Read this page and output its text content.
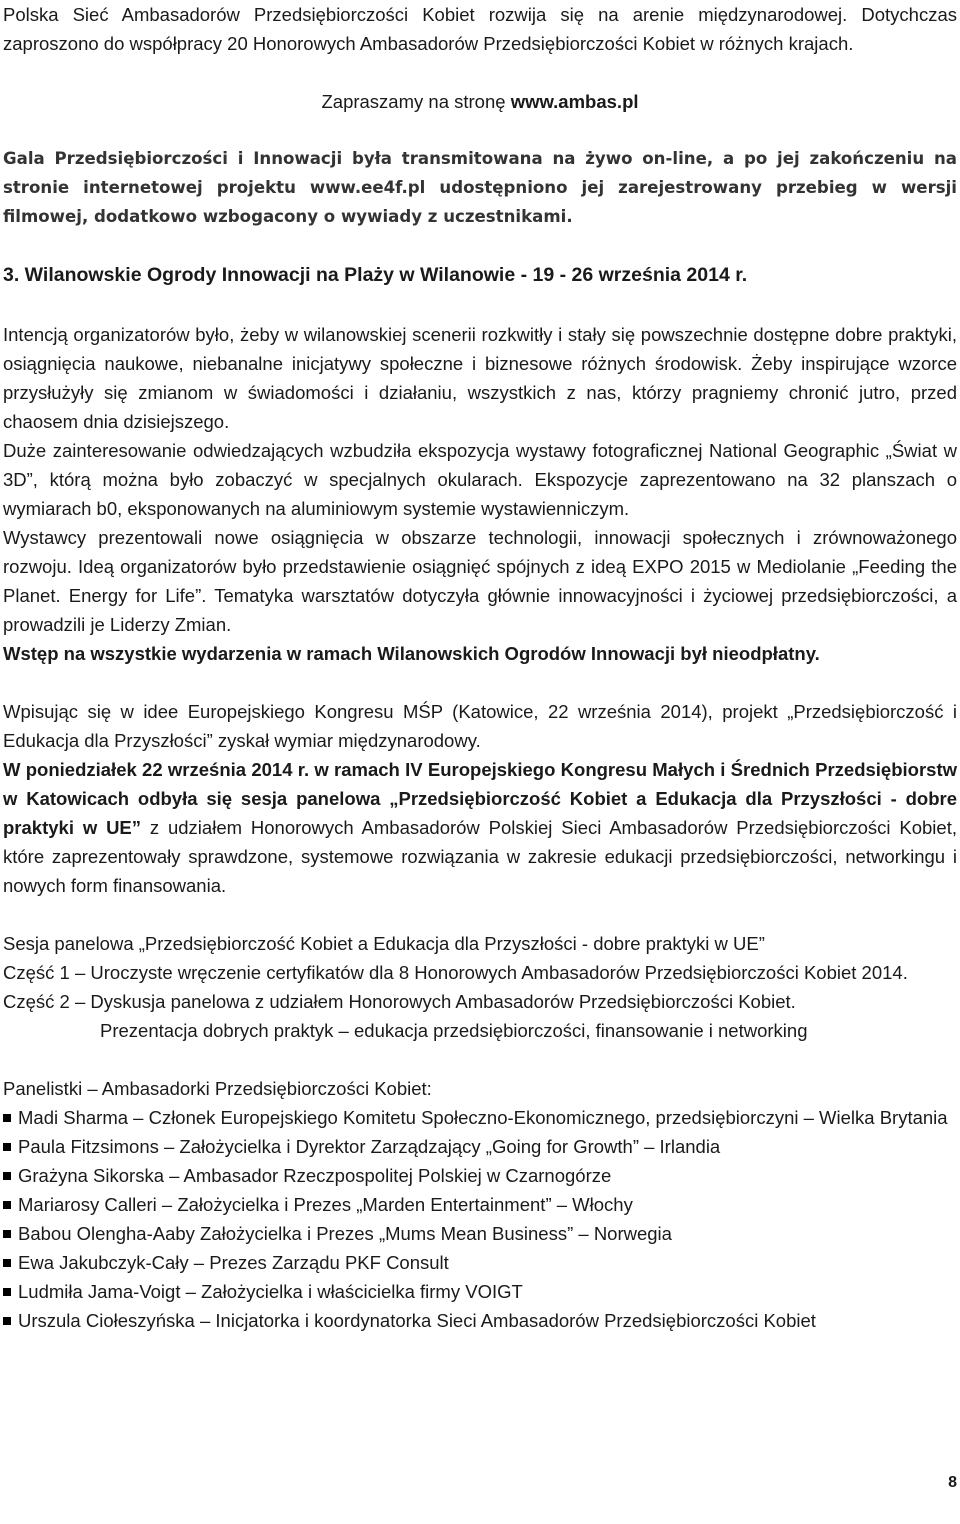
Polska Sieć Ambasadorów Przedsiębiorczości Kobiet rozwija się na arenie międzynarodowej. Dotychczas zaproszono do współpracy 20 Honorowych Ambasadorów Przedsiębiorczości Kobiet w różnych krajach.

Zapraszamy na stronę www.ambas.pl

Gala Przedsiębiorczości i Innowacji była transmitowana na żywo on-line, a po jej zakończeniu na stronie internetowej projektu www.ee4f.pl udostępniono jej zarejestrowany przebieg w wersji filmowej, dodatkowo wzbogacony o wywiady z uczestnikami.

3. Wilanowskie Ogrody Innowacji na Plaży w Wilanowie - 19 - 26 września 2014 r.

Intencją organizatorów było, żeby w wilanowskiej scenerii rozkwitły i stały się powszechnie dostępne dobre praktyki, osiągnięcia naukowe, niebanalne inicjatywy społeczne i biznesowe różnych środowisk. Żeby inspirujące wzorce przysłużyły się zmianom w świadomości i działaniu, wszystkich z nas, którzy pragniemy chronić jutro, przed chaosem dnia dzisiejszego.

Duże zainteresowanie odwiedzających wzbudziła ekspozycja wystawy fotograficznej National Geographic „Świat w 3D”, którą można było zobaczyć w specjalnych okularach. Ekspozycje zaprezentowano na 32 planszach o wymiarach b0, eksponowanych na aluminiowym systemie wystawienniczym.

Wystawcy prezentowali nowe osiągnięcia w obszarze technologii, innowacji społecznych i zrównoważonego rozwoju. Ideą organizatorów było przedstawienie osiągnięć spójnych z ideą EXPO 2015 w Mediolanie „Feeding the Planet. Energy for Life”. Tematyka warsztatów dotyczyła głównie innowacyjności i życiowej przedsiębiorczości, a prowadzili je Liderzy Zmian.

Wstęp na wszystkie wydarzenia w ramach Wilanowskich Ogrodów Innowacji był nieodpłatny.

Wpisując się w idee Europejskiego Kongresu MŚP (Katowice, 22 września 2014), projekt „Przedsiębiorczość i Edukacja dla Przyszłości” zyskał wymiar międzynarodowy.

W poniedziałek 22 września 2014 r. w ramach IV Europejskiego Kongresu Małych i Średnich Przedsiębiorstw w Katowicach odbyła się sesja panelowa „Przedsiębiorczość Kobiet a Edukacja dla Przyszłości - dobre praktyki w UE” z udziałem Honorowych Ambasadorów Polskiej Sieci Ambasadorów Przedsiębiorczości Kobiet, które zaprezentowały sprawdzone, systemowe rozwiązania w zakresie edukacji przedsiębiorczości, networkingu i nowych form finansowania.

Sesja panelowa „Przedsiębiorczość Kobiet a Edukacja dla Przyszłości - dobre praktyki w UE”

Część 1 – Uroczyste wręczenie certyfikatów dla 8 Honorowych Ambasadorów Przedsiębiorczości Kobiet 2014.

Część 2 – Dyskusja panelowa z udziałem Honorowych Ambasadorów Przedsiębiorczości Kobiet.

Prezentacja dobrych praktyk – edukacja przedsiębiorczości, finansowanie i networking

Panelistki – Ambasadorki Przedsiębiorczości Kobiet:

Madi Sharma – Członek Europejskiego Komitetu Społeczno-Ekonomicznego, przedsiębiorczyni – Wielka Brytania
Paula Fitzsimons – Założycielka i Dyrektor Zarządzający „Going for Growth” – Irlandia
Grażyna Sikorska – Ambasador Rzeczpospolitej Polskiej w Czarnogórze
Mariarosy Calleri – Założycielka i Prezes „Marden Entertainment” – Włochy
Babou Olengha-Aaby Założycielka i Prezes „Mums Mean Business” – Norwegia
Ewa Jakubczyk-Cały – Prezes Zarządu PKF Consult
Ludmiła Jama-Voigt – Założycielka i właścicielka firmy VOIGT
Urszula Ciołeszyńska – Inicjatorka i koordynatorka Sieci Ambasadorów Przedsiębiorczości Kobiet
8
